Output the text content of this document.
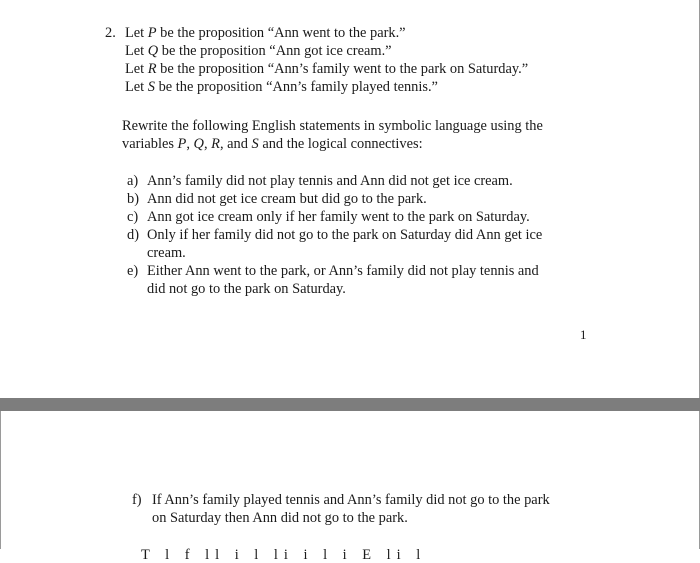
2. Let P be the proposition “Ann went to the park.”
Let Q be the proposition “Ann got ice cream.”
Let R be the proposition “Ann’s family went to the park on Saturday.”
Let S be the proposition “Ann’s family played tennis.”
Rewrite the following English statements in symbolic language using the
variables P, Q, R, and S and the logical connectives:
a) Ann’s family did not play tennis and Ann did not get ice cream.
b) Ann did not get ice cream but did go to the park.
c) Ann got ice cream only if her family went to the park on Saturday.
d) Only if her family did not go to the park on Saturday did Ann get ice
cream.
e) Either Ann went to the park, or Ann’s family did not play tennis and
did not go to the park on Saturday.
1
f) If Ann’s family played tennis and Ann’s family did not go to the park
on Saturday then Ann did not go to the park.
T l f ll i l li i l i E li l
